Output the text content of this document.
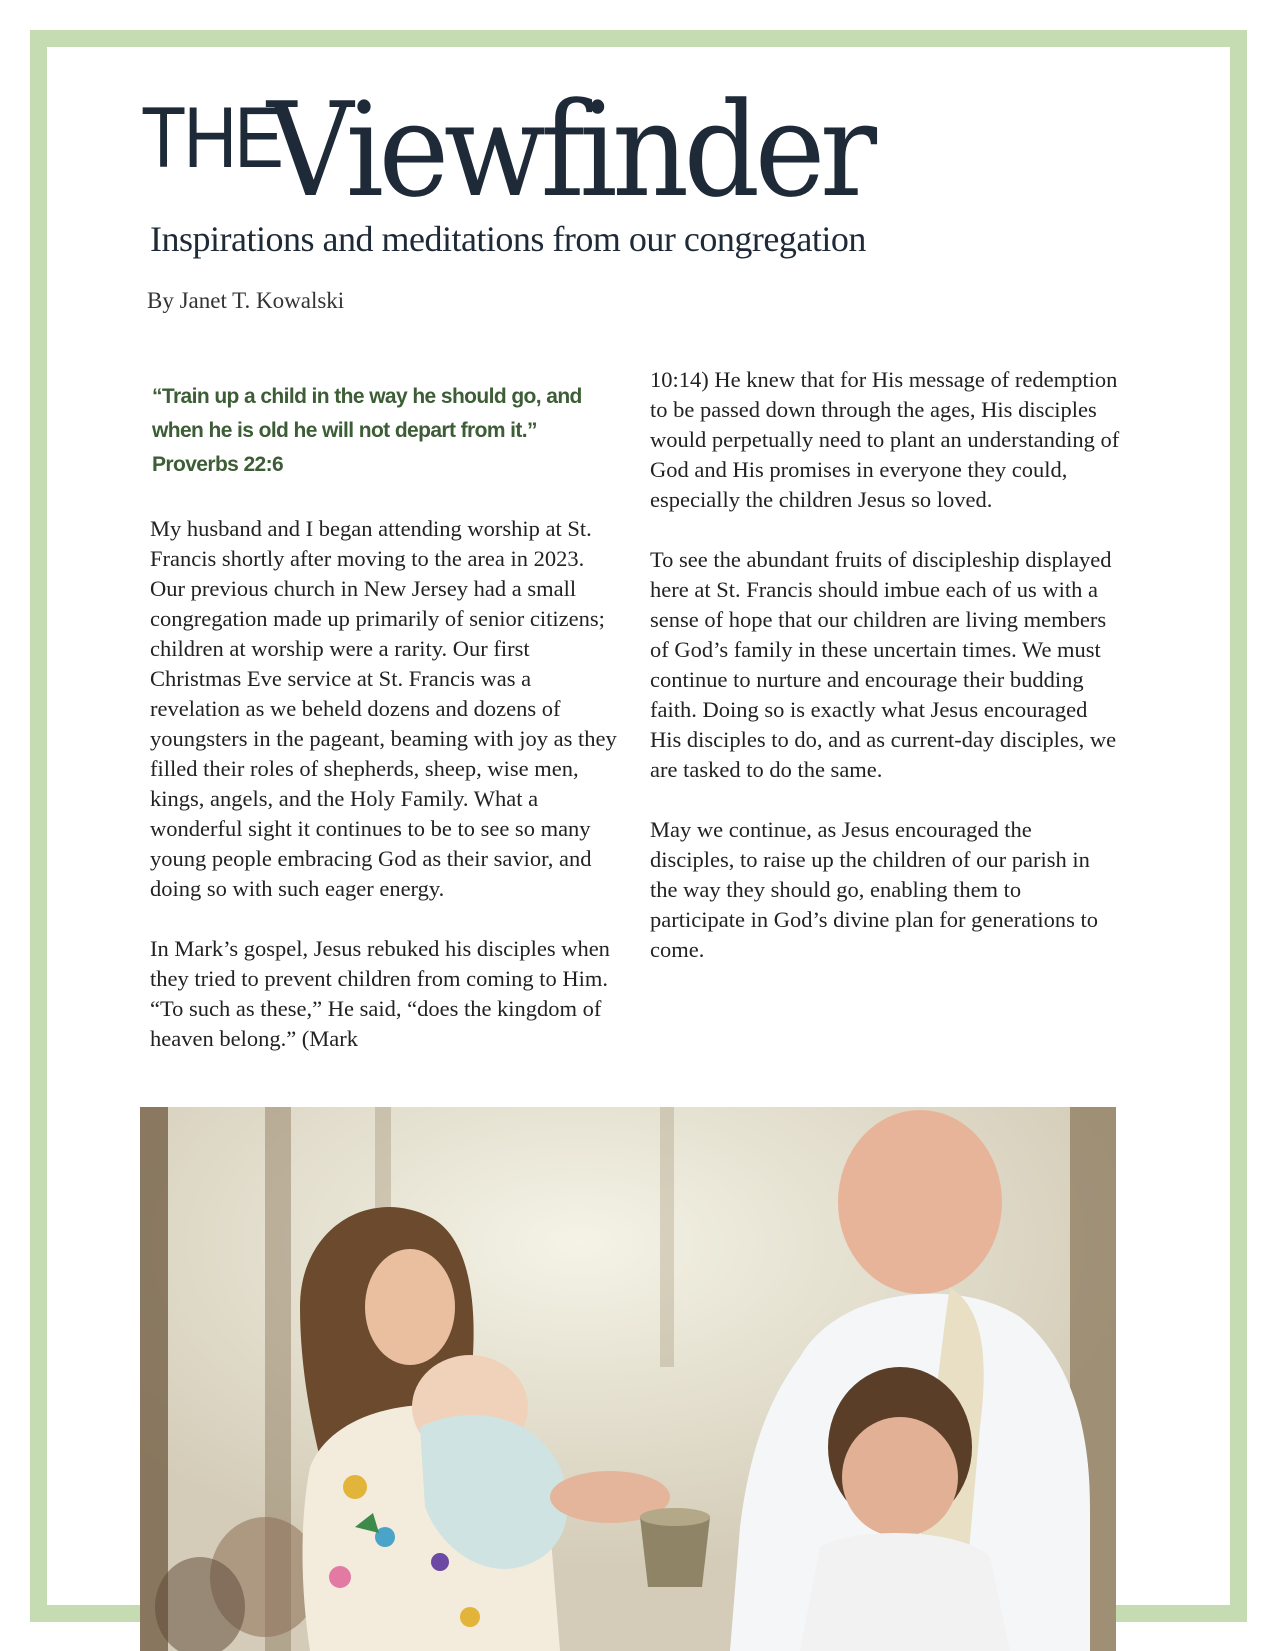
THE
Viewfinder
Inspirations and meditations from our congregation
By Janet T. Kowalski

“Train up a child in the way he should go, and when he is old he will not depart from it.” Proverbs 22:6

My husband and I began attending worship at St. Francis shortly after moving to the area in 2023. Our previous church in New Jersey had a small congregation made up primarily of senior citizens; children at worship were a rarity. Our first Christmas Eve service at St. Francis was a revelation as we beheld dozens and dozens of youngsters in the pageant, beaming with joy as they filled their roles of shepherds, sheep, wise men, kings, angels, and the Holy Family. What a wonderful sight it continues to be to see so many young people embracing God as their savior, and doing so with such eager energy.

In Mark’s gospel, Jesus rebuked his disciples when they tried to prevent children from coming to Him. “To such as these,” He said, “does the kingdom of heaven belong.” (Mark

10:14) He knew that for His message of redemption to be passed down through the ages, His disciples would perpetually need to plant an understanding of God and His promises in everyone they could, especially the children Jesus so loved.

To see the abundant fruits of discipleship displayed here at St. Francis should imbue each of us with a sense of hope that our children are living members of God’s family in these uncertain times. We must continue to nurture and encourage their budding faith. Doing so is exactly what Jesus encouraged His disciples to do, and as current-day disciples, we are tasked to do the same.

May we continue, as Jesus encouraged the disciples, to raise up the children of our parish in the way they should go, enabling them to participate in God’s divine plan for generations to come.
